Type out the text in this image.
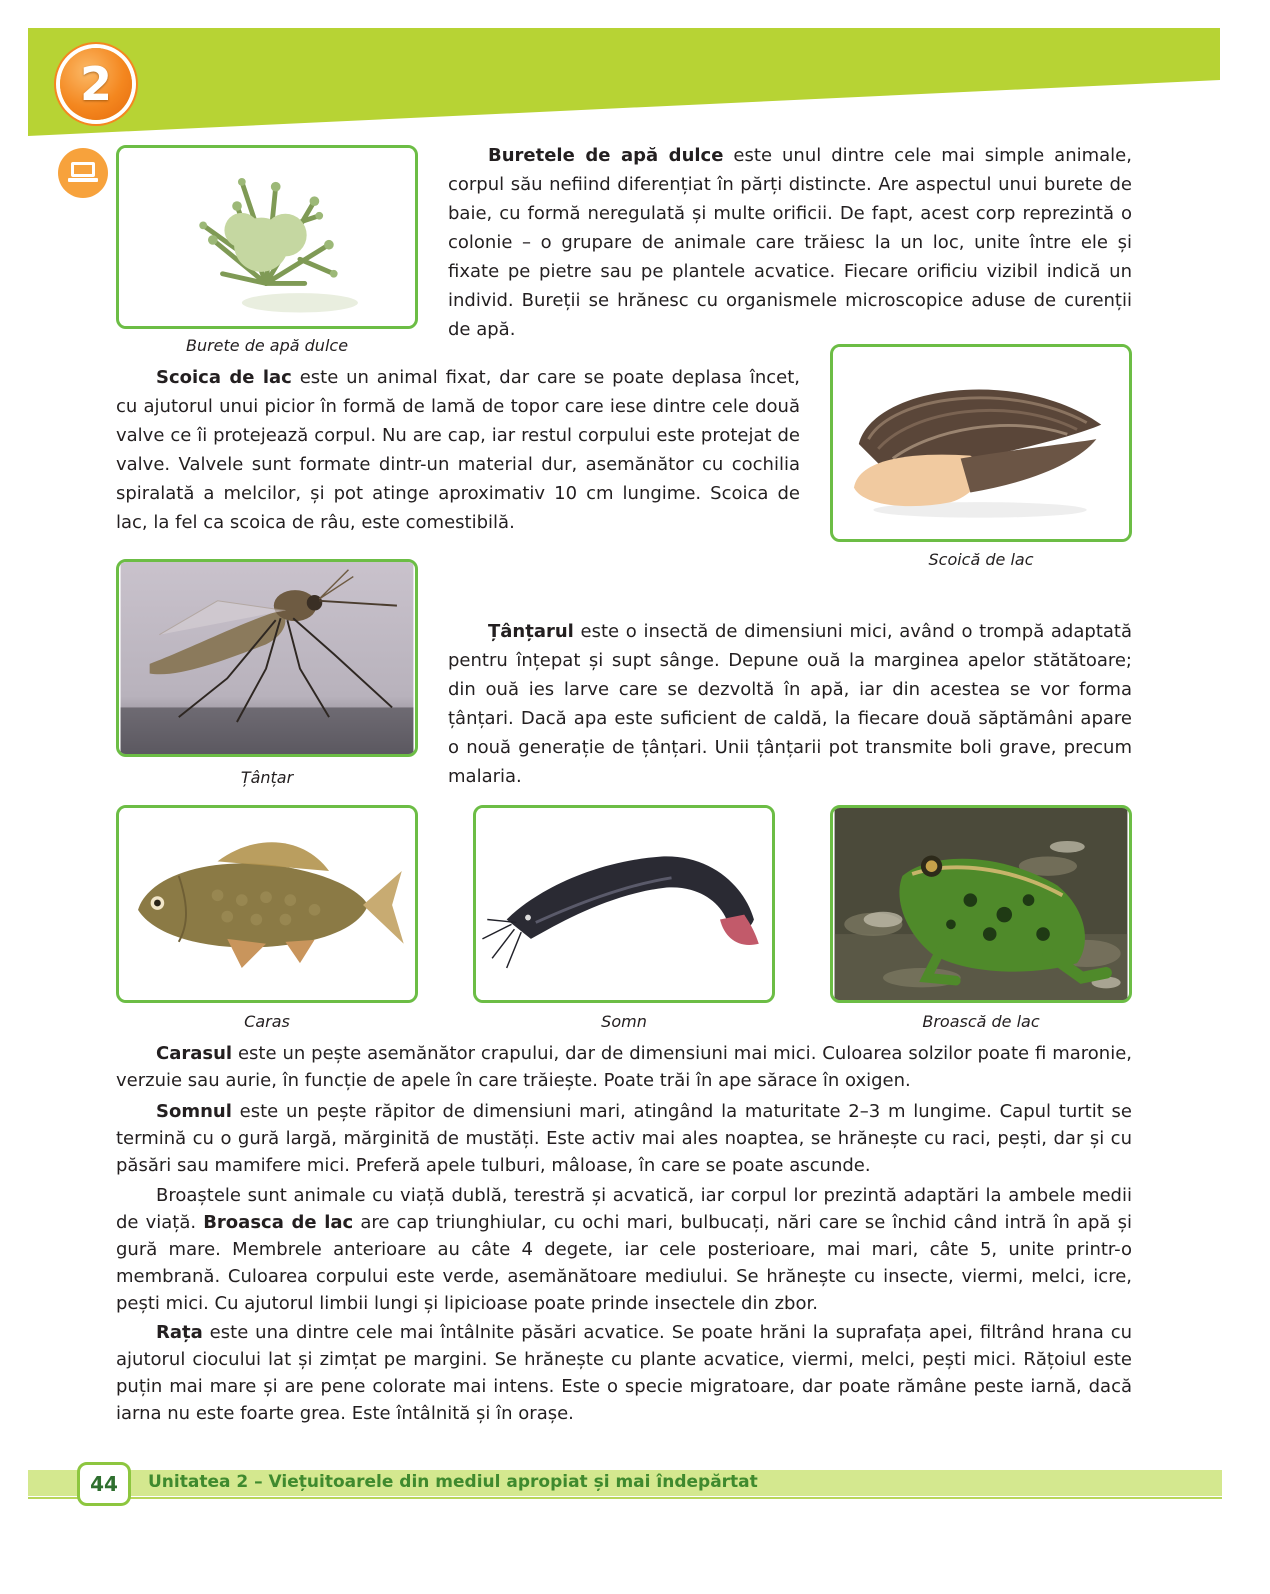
2
Burete de apă dulce

Buretele de apă dulce este unul dintre cele mai simple animale, corpul său nefiind diferențiat în părți distincte. Are aspectul unui burete de baie, cu formă neregulată și multe orificii. De fapt, acest corp reprezintă o colonie – o grupare de animale care trăiesc la un loc, unite între ele și fixate pe pietre sau pe plantele acvatice. Fiecare orificiu vizibil indică un individ. Bureții se hrănesc cu organismele microscopice aduse de curenții de apă.

Scoica de lac este un animal fixat, dar care se poate deplasa încet, cu ajutorul unui picior în formă de lamă de topor care iese dintre cele două valve ce îi protejează corpul. Nu are cap, iar restul corpului este protejat de valve. Valvele sunt formate dintr-un material dur, asemănător cu cochilia spiralată a melcilor, și pot atinge aproximativ 10 cm lungime. Scoica de lac, la fel ca scoica de râu, este comestibilă.

Scoică de lac
Țânțar

Țânțarul este o insectă de dimensiuni mici, având o trompă adaptată pentru înțepat și supt sânge. Depune ouă la marginea apelor stătătoare; din ouă ies larve care se dezvoltă în apă, iar din acestea se vor forma țânțari. Dacă apa este suficient de caldă, la fiecare două săptămâni apare o nouă generație de țânțari. Unii țânțarii pot transmite boli grave, precum malaria.

Caras	Somn	Broască de lac

Carasul este un pește asemănător crapului, dar de dimensiuni mai mici. Culoarea solzilor poate fi maronie, verzuie sau aurie, în funcție de apele în care trăiește. Poate trăi în ape sărace în oxigen.

Somnul este un pește răpitor de dimensiuni mari, atingând la maturitate 2–3 m lungime. Capul turtit se termină cu o gură largă, mărginită de mustăți. Este activ mai ales noaptea, se hrănește cu raci, pești, dar și cu păsări sau mamifere mici. Preferă apele tulburi, mâloase, în care se poate ascunde.

Broaștele sunt animale cu viață dublă, terestră și acvatică, iar corpul lor prezintă adaptări la ambele medii de viață. Broasca de lac are cap triunghiular, cu ochi mari, bulbucați, nări care se închid când intră în apă și gură mare. Membrele anterioare au câte 4 degete, iar cele posterioare, mai mari, câte 5, unite printr-o membrană. Culoarea corpului este verde, asemănătoare mediului. Se hrănește cu insecte, viermi, melci, icre, pești mici. Cu ajutorul limbii lungi și lipicioase poate prinde insectele din zbor.

Rața este una dintre cele mai întâlnite păsări acvatice. Se poate hrăni la suprafața apei, filtrând hrana cu ajutorul ciocului lat și zimțat pe margini. Se hrănește cu plante acvatice, viermi, melci, pești mici. Rățoiul este puțin mai mare și are pene colorate mai intens. Este o specie migratoare, dar poate rămâne peste iarnă, dacă iarna nu este foarte grea. Este întâlnită și în orașe.

44 Unitatea 2 – Viețuitoarele din mediul apropiat și mai îndepărtat
